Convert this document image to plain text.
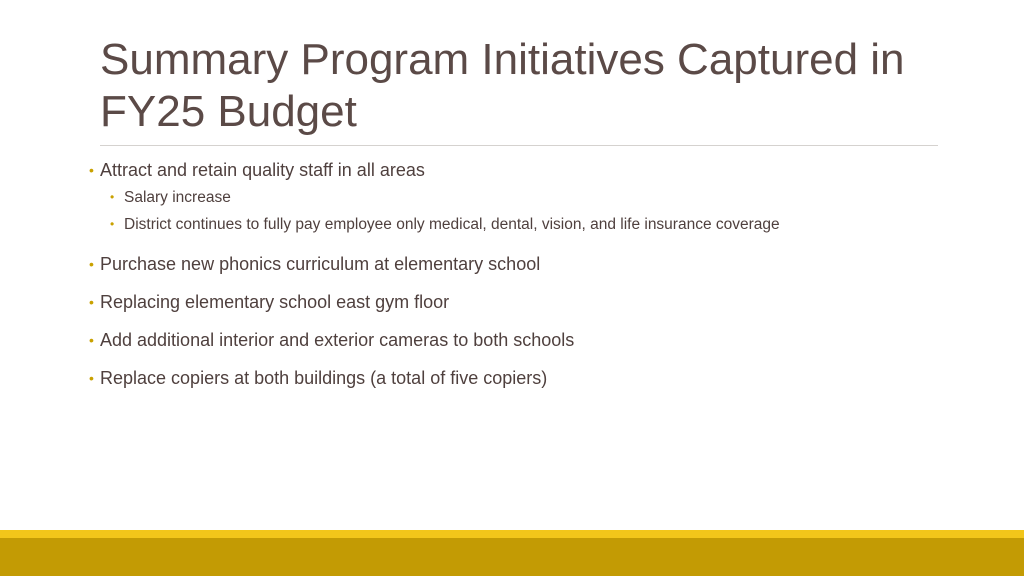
Summary Program Initiatives Captured in FY25 Budget
• Attract and retain quality staff in all areas
• Salary increase
• District continues to fully pay employee only medical, dental, vision, and life insurance coverage
• Purchase new phonics curriculum at elementary school
• Replacing elementary school east gym floor
• Add additional interior and exterior cameras to both schools
• Replace copiers at both buildings (a total of five copiers)
